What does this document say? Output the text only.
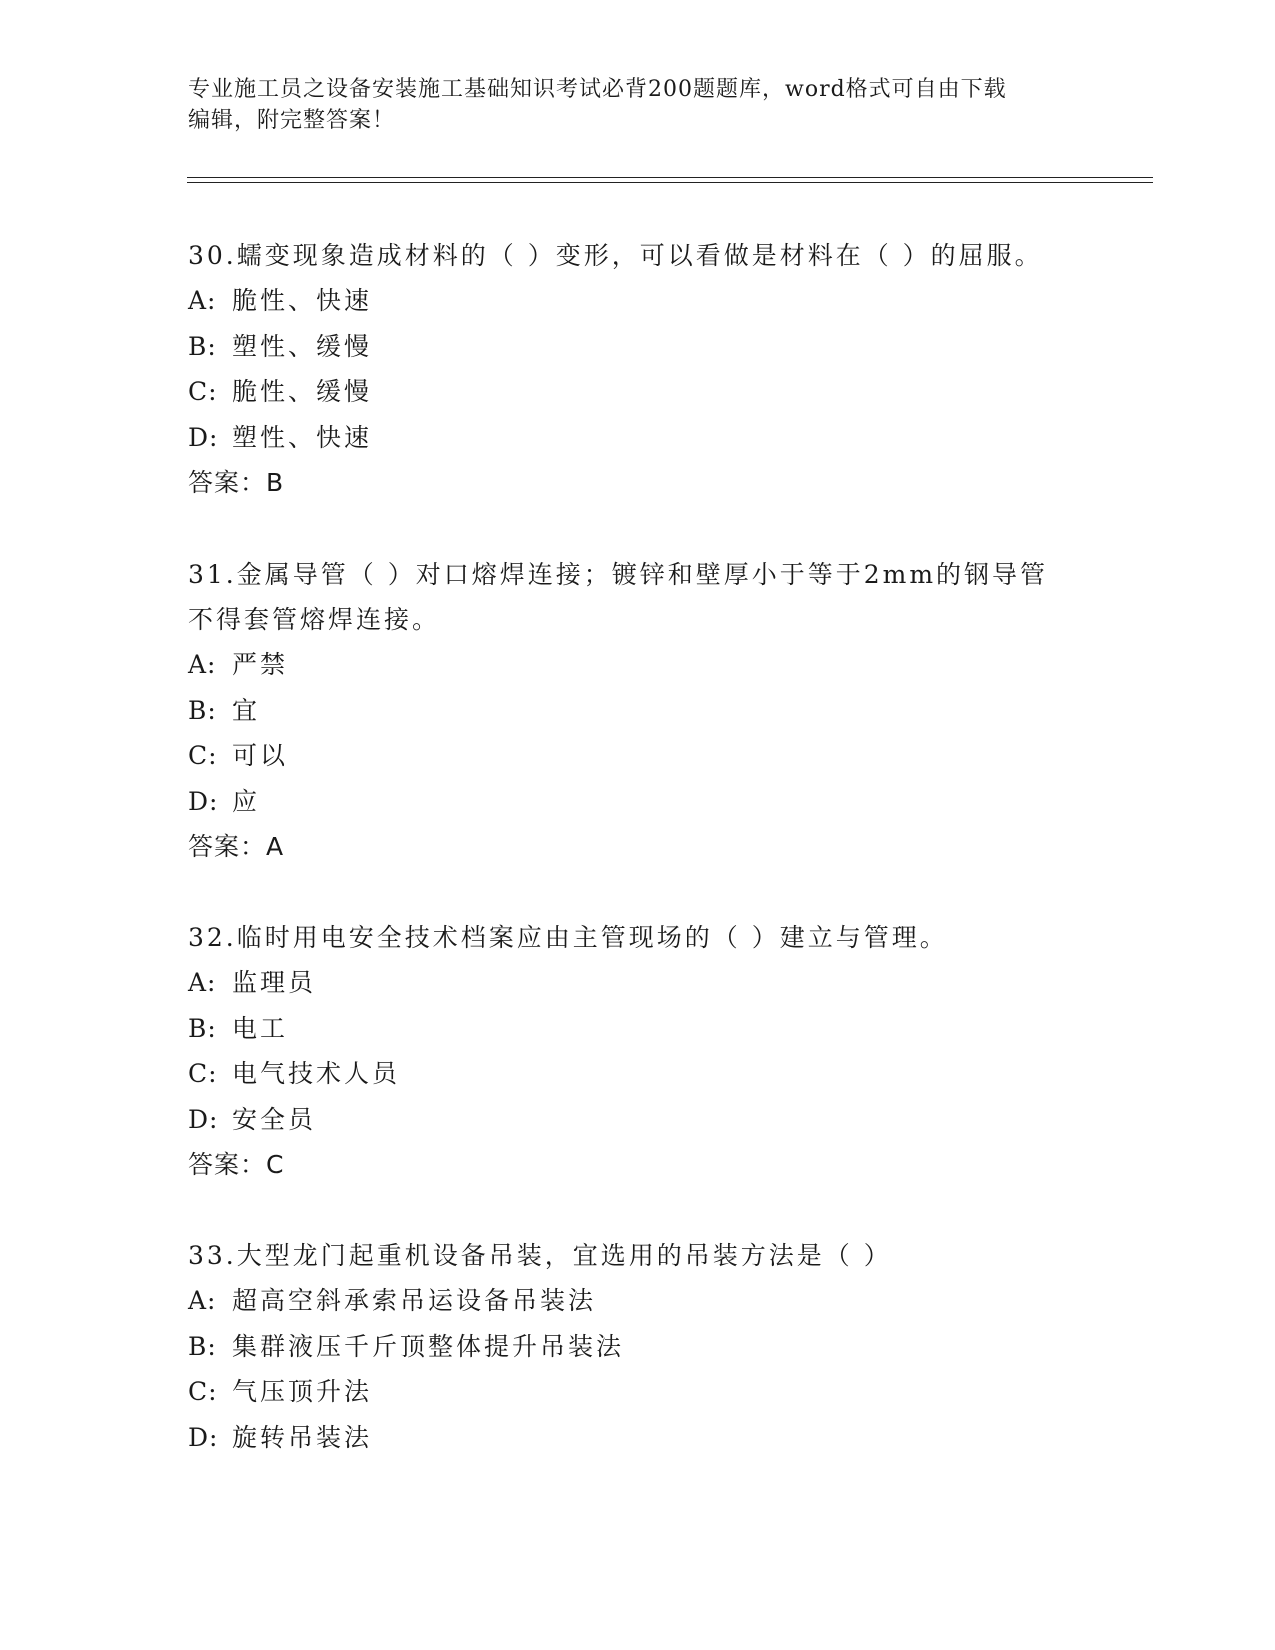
专业施工员之设备安装施工基础知识考试必背200题题库，word格式可自由下载
编辑，附完整答案！

30.蠕变现象造成材料的（ ）变形，可以看做是材料在（ ）的屈服。

A: 脆性、快速

B: 塑性、缓慢

C: 脆性、缓慢

D: 塑性、快速

答案：B

31.金属导管（ ）对口熔焊连接；镀锌和壁厚小于等于2mm的钢导管

不得套管熔焊连接。

A: 严禁

B: 宜

C: 可以

D: 应

答案：A

32.临时用电安全技术档案应由主管现场的（ ）建立与管理。

A: 监理员

B: 电工

C: 电气技术人员

D: 安全员

答案：C

33.大型龙门起重机设备吊装，宜选用的吊装方法是（ ）

A: 超高空斜承索吊运设备吊装法

B: 集群液压千斤顶整体提升吊装法

C: 气压顶升法

D: 旋转吊装法
